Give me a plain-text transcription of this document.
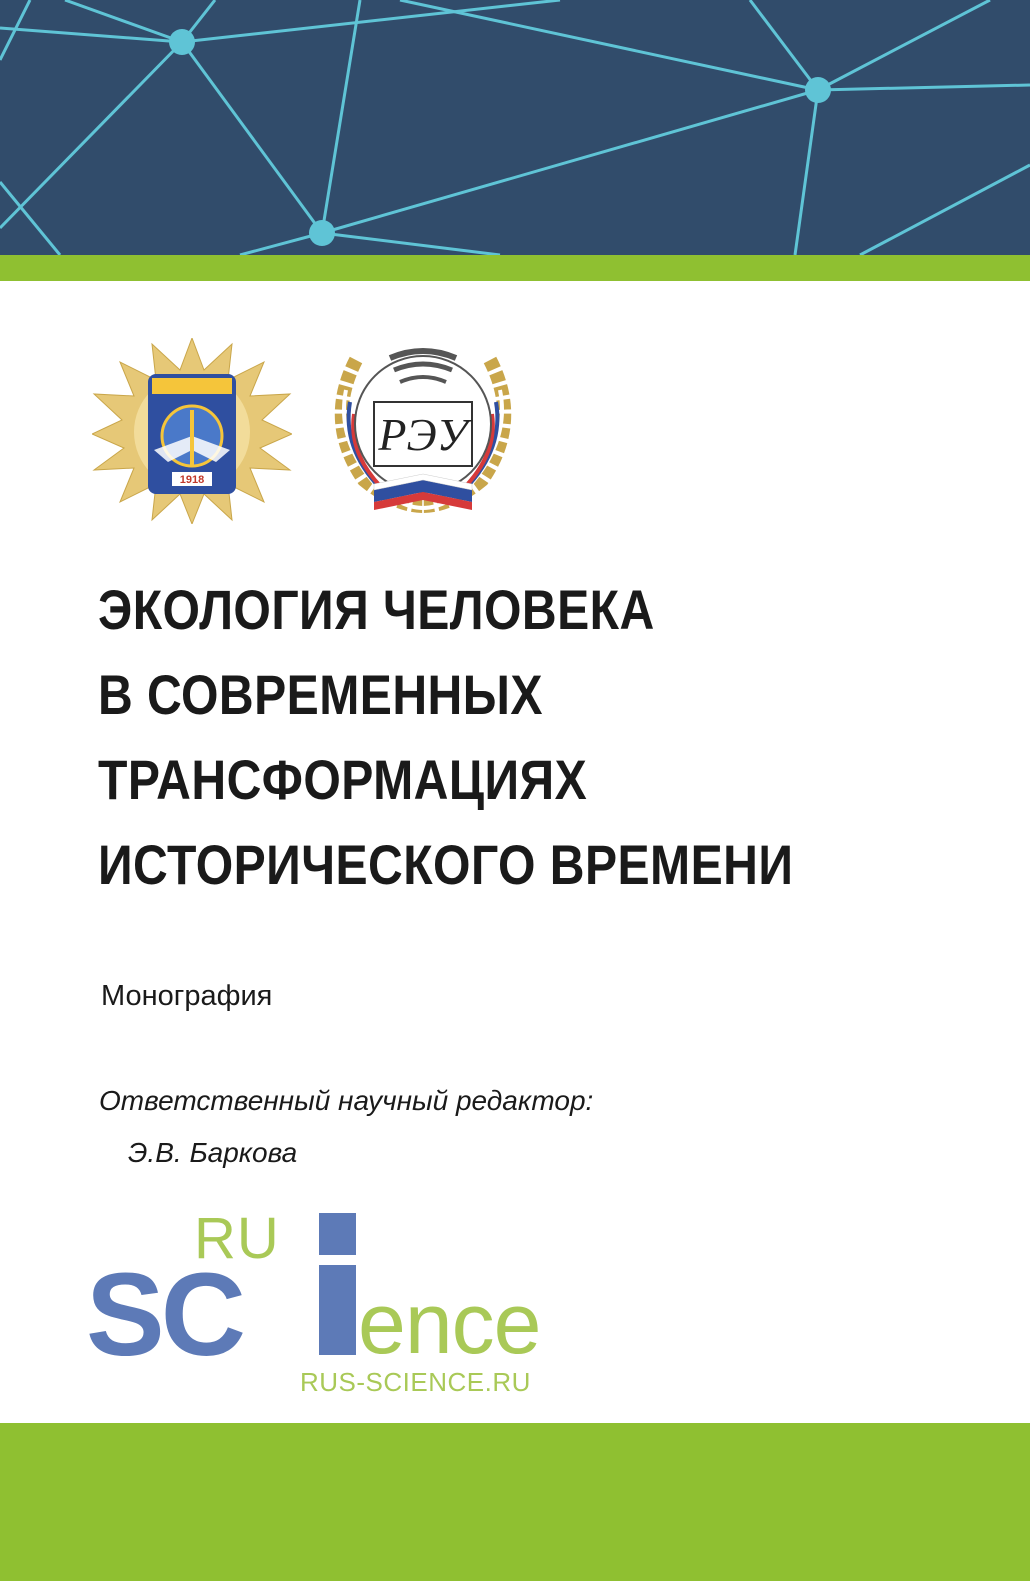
1918
РЭУ
ЭКОЛОГИЯ ЧЕЛОВЕКА
В СОВРЕМЕННЫХ
ТРАНСФОРМАЦИЯХ
ИСТОРИЧЕСКОГО ВРЕМЕНИ
Монография
Ответственный научный редактор:
Э.В. Баркова
RU
SC ence
RUS-SCIENCE.RU
